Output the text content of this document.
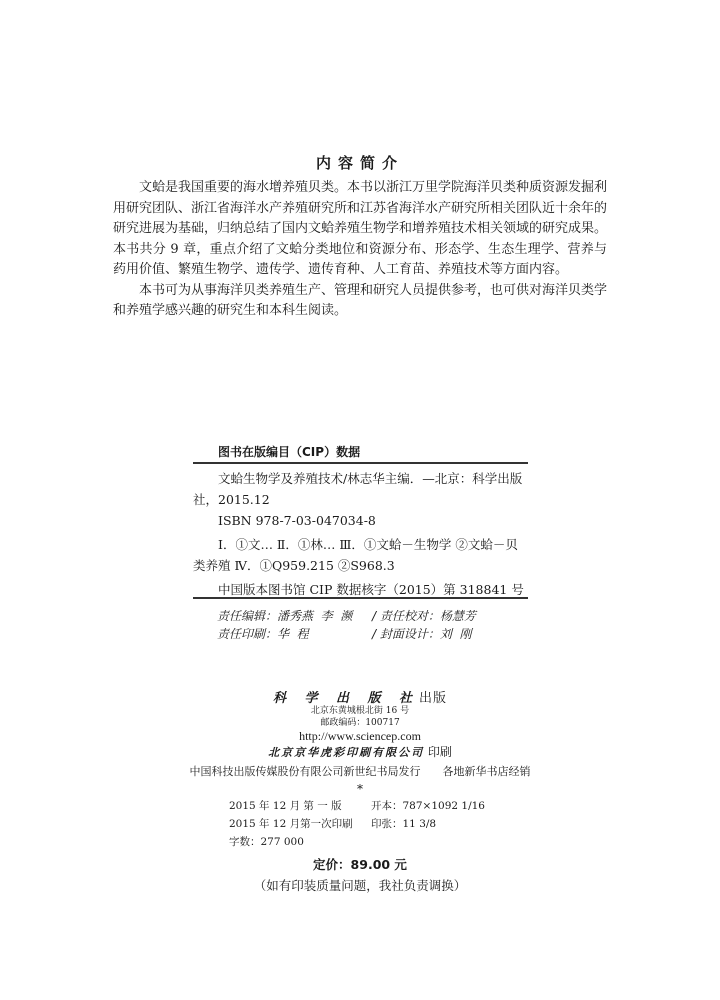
内容简介

文蛤是我国重要的海水增养殖贝类。本书以浙江万里学院海洋贝类种质资源发掘利用研究团队、浙江省海洋水产养殖研究所和江苏省海洋水产研究所相关团队近十余年的研究进展为基础，归纳总结了国内文蛤养殖生物学和增养殖技术相关领域的研究成果。本书共分 9 章，重点介绍了文蛤分类地位和资源分布、形态学、生态生理学、营养与药用价值、繁殖生物学、遗传学、遗传育种、人工育苗、养殖技术等方面内容。

本书可为从事海洋贝类养殖生产、管理和研究人员提供参考，也可供对海洋贝类学和养殖学感兴趣的研究生和本科生阅读。

图书在版编目（CIP）数据

文蛤生物学及养殖技术/林志华主编．—北京：科学出版社，2015.12

ISBN 978-7-03-047034-8

Ⅰ．①文… Ⅱ．①林… Ⅲ．①文蛤－生物学 ②文蛤－贝类养殖 Ⅳ．①Q959.215 ②S968.3

中国版本图书馆 CIP 数据核字（2015）第 318841 号

责任编辑：潘秀燕  李  濒	/ 责任校对：杨慧芳
责任印刷：华  程	/ 封面设计：刘  刚
科 学 出 版 社出版
北京东黄城根北街 16 号
邮政编码：100717
http://www.sciencep.com
北京京华虎彩印刷有限公司 印刷
中国科技出版传媒股份有限公司新世纪书局发行　　各地新华书店经销
*
2015 年 12 月 第 一 版	开本：787×1092 1/16
2015 年 12 月第一次印刷	印张：11 3/8
字数：277 000
定价：89.00 元
（如有印装质量问题，我社负责调换）
